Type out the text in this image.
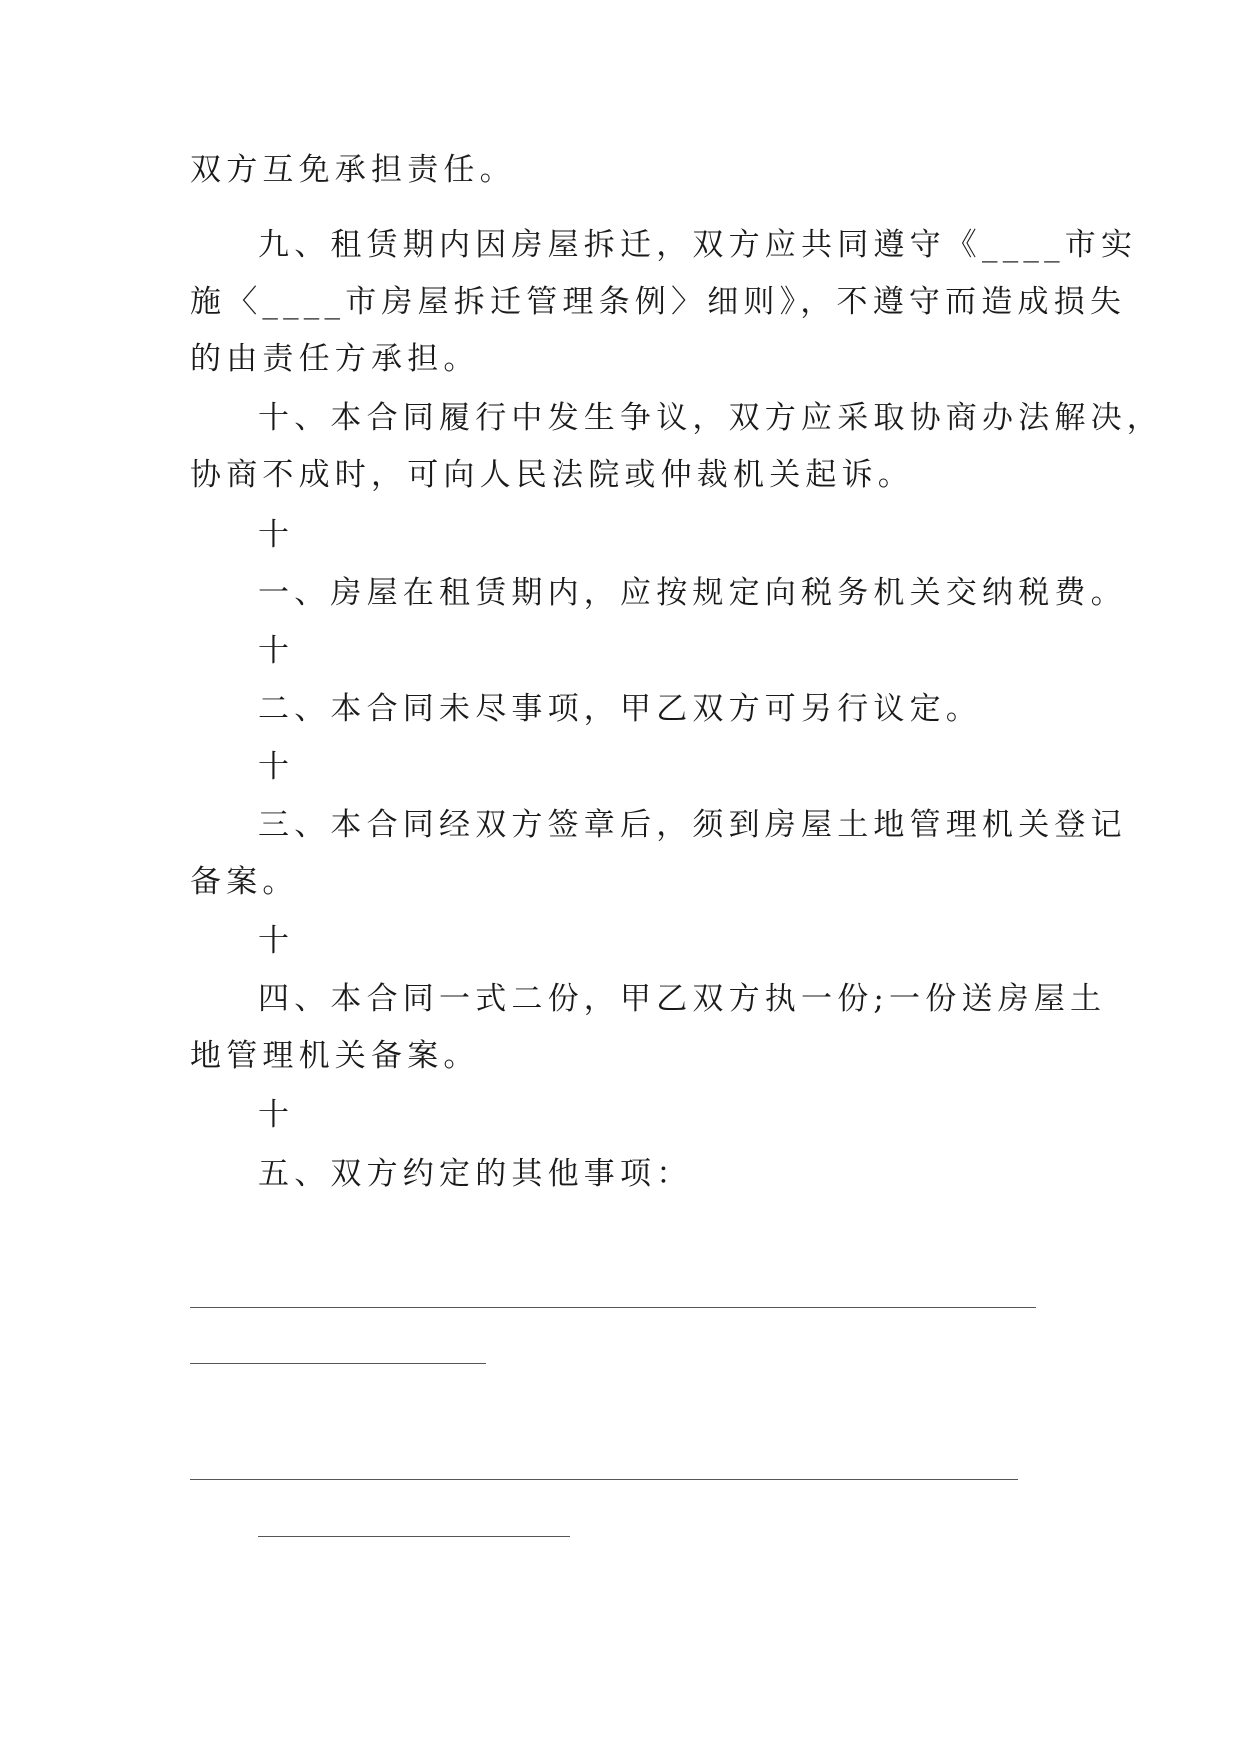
双方互免承担责任。
九、租赁期内因房屋拆迁，双方应共同遵守《____市实
施〈____市房屋拆迁管理条例〉细则》，不遵守而造成损失
的由责任方承担。
十、本合同履行中发生争议，双方应采取协商办法解决，
协商不成时，可向人民法院或仲裁机关起诉。
十
一、房屋在租赁期内，应按规定向税务机关交纳税费。
十
二、本合同未尽事项，甲乙双方可另行议定。
十
三、本合同经双方签章后，须到房屋土地管理机关登记
备案。
十
四、本合同一式二份，甲乙双方执一份;一份送房屋土
地管理机关备案。
十
五、双方约定的其他事项：
